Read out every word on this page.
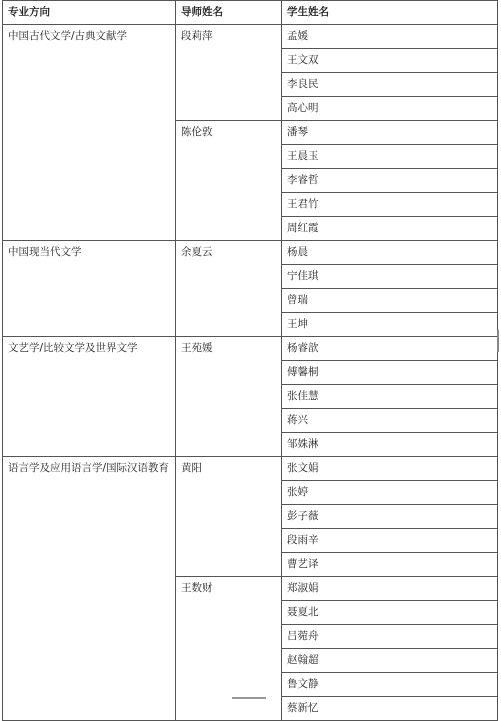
专业方向	导师姓名	学生姓名
中国古代文学/古典文献学	段莉萍	孟媛
		王文双
		李良民
		高心明
	陈伦敦	潘琴
		王晨玉
		李睿哲
		王君竹
		周红霞
中国现当代文学	余夏云	杨晨
		宁佳琪
		曾瑞
		王坤
文艺学/比较文学及世界文学	王苑媛	杨睿歆
		傅馨桐
		张佳慧
		蒋兴
		邹姝淋
语言学及应用语言学/国际汉语教育	黄阳	张文娟
		张婷
		彭子薇
		段雨辛
		曹艺译
	王数财	郑淑娟
		聂夏北
		吕菀舟
		赵翰超
		鲁文静
		蔡新忆
